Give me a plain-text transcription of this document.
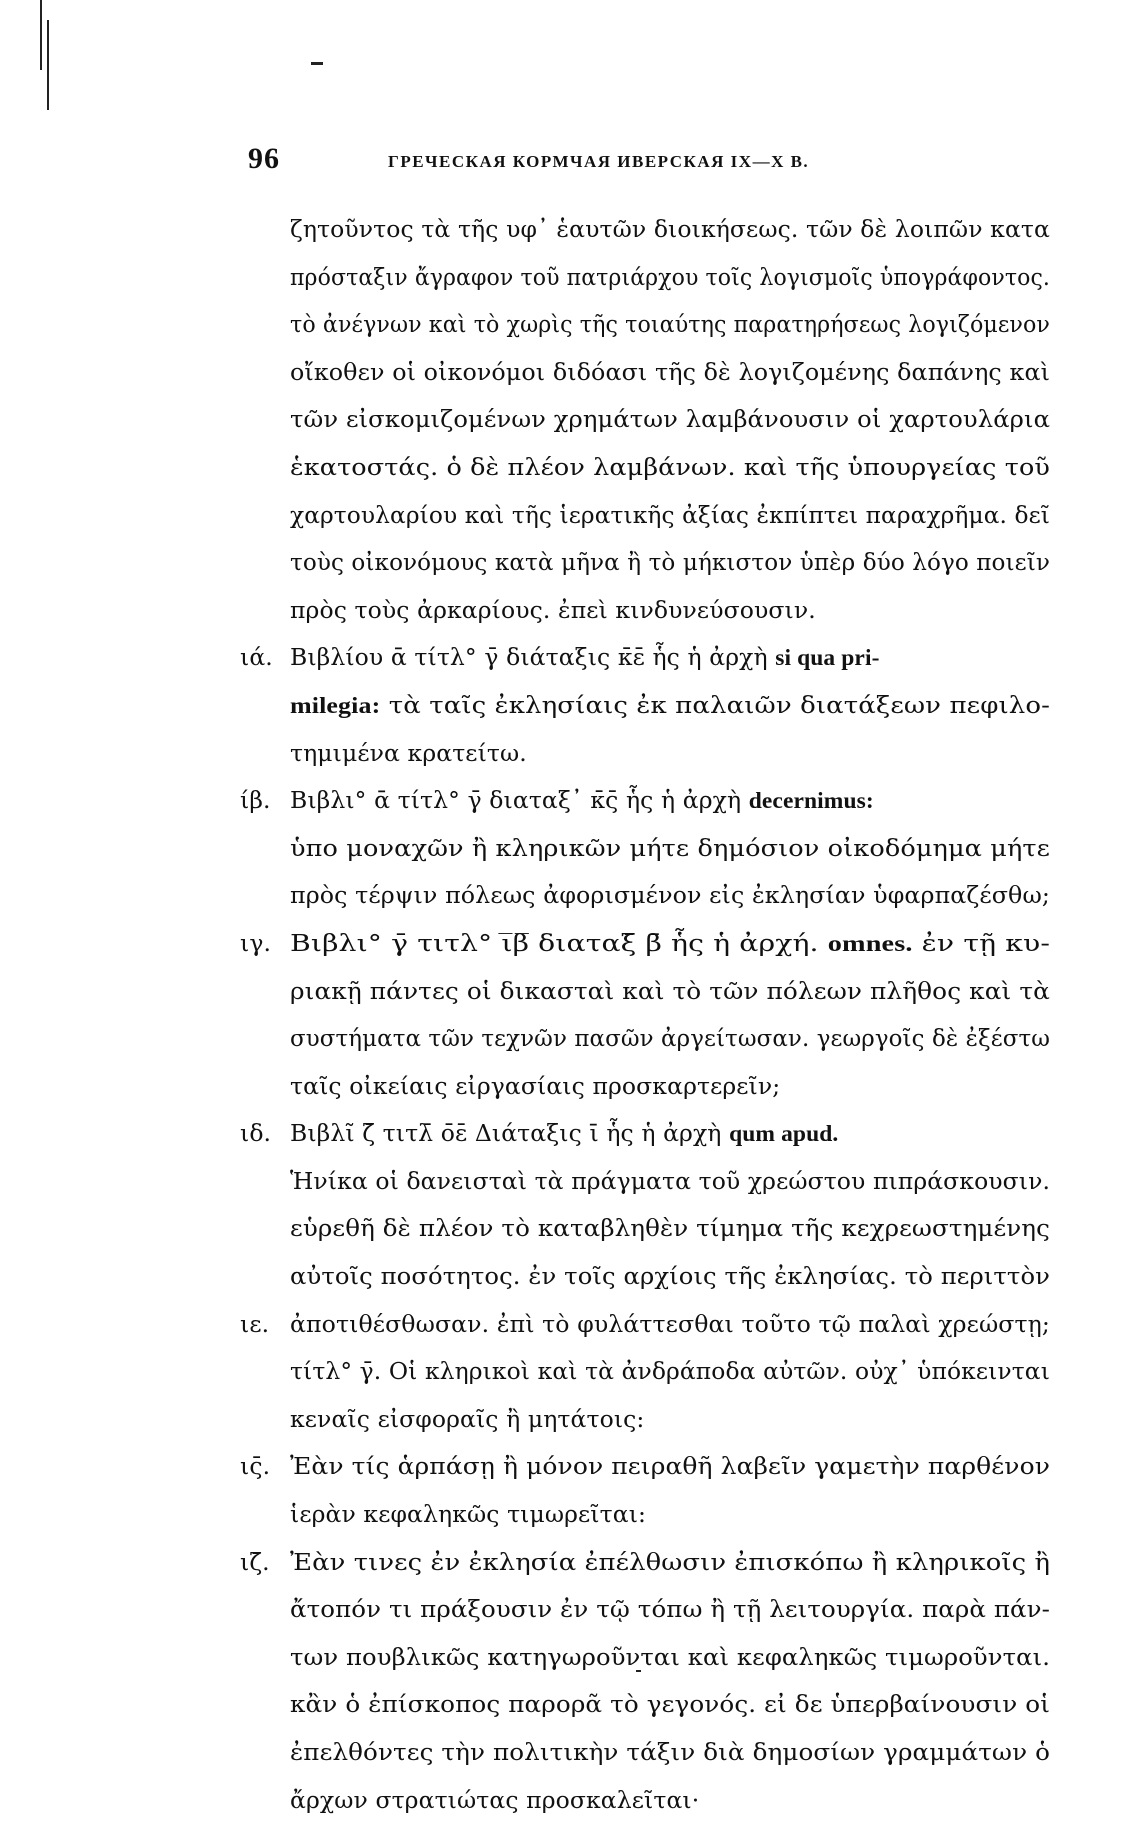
96	ГРЕЧЕСКАЯ КОРМЧАЯ ИВЕРСКАЯ IX—X B.
ζητοῦντος τὰ τῆς υφ᾽ ἑαυτῶν διοικήσεως. τῶν δὲ λοιπῶν κατα
πρόσταξιν ἄγραφον τοῦ πατριάρχου τοῖς λογισμοῖς ὑπογράφοντος.
τὸ ἀνέγνων καὶ τὸ χωρὶς τῆς τοιαύτης παρατηρήσεως λογιζόμενον
οἴκοθεν οἱ οἰκονόμοι διδόασι τῆς δὲ λογιζομένης δαπάνης καὶ
τῶν εἰσκομιζομένων χρημάτων λαμβάνουσιν οἱ χαρτουλάρια
ἑκατοστάς. ὁ δὲ πλέον λαμβάνων. καὶ τῆς ὑπουργείας τοῦ
χαρτουλαρίου καὶ τῆς ἱερατικῆς ἀξίας ἐκπίπτει παραχρῆμα. δεῖ
τοὺς οἰκονόμους κατὰ μῆνα ἢ τὸ μήκιστον ὑπὲρ δύο λόγο ποιεῖν
πρὸς τοὺς ἀρκαρίους. ἐπεὶ κινδυνεύσουσιν.
ιά. Βιβλίου ᾱ τίτλ° γ̄ διάταξις κ̄ε̄ ἧς ἡ ἀρχὴ si qua pri-
milegia: τὰ ταῖς ἐκλησίαις ἐκ παλαιῶν διατάξεων πεφιλο-
τημιμένα κρατείτω.
ίβ. Βιβλι° ᾱ τίτλ° γ̄ διαταξ᾽ κ̄ς̄ ἧς ἡ ἀρχὴ decernimus:
ὑπο μοναχῶν ἢ κληρικῶν μήτε δημόσιον οἰκοδόμημα μήτε
πρὸς τέρψιν πόλεως ἀφορισμένον εἰς ἐκλησίαν ὑφαρπαζέσθω;
ιγ. Βιβλι° γ̄ τιτλ° ι̅β̅ διαταξ̄ β̄ ἧς ἡ ἀρχή. omnes. ἐν τῇ κυ-
ριακῇ πάντες οἱ δικασταὶ καὶ τὸ τῶν πόλεων πλῆθος καὶ τὰ
συστήματα τῶν τεχνῶν πασῶν ἀργείτωσαν. γεωργοῖς δὲ ἐξέστω
ταῖς οἰκείαις εἰργασίαις προσκαρτερεῖν;
ιδ. Βιβλῖ ζ̄ τιτλ̄ ο̄ε̄ Διάταξις ῑ ἧς ἡ ἀρχὴ qum apud.
Ἡνίκα οἱ δανεισταὶ τὰ πράγματα τοῦ χρεώστου πιπράσκουσιν.
εὑρεθῆ δὲ πλέον τὸ καταβληθὲν τίμημα τῆς κεχρεωστημένης
αὐτοῖς ποσότητος. ἐν τοῖς αρχίοις τῆς ἐκλησίας. τὸ περιττὸν
ιε. ἀποτιθέσθωσαν. ἐπὶ τὸ φυλάττεσθαι τοῦτο τῷ παλαὶ χρεώστῃ;
τίτλ° γ̄. Οἱ κληρικοὶ καὶ τὰ ἀνδράποδα αὐτῶν. οὐχ᾽ ὑπόκεινται
κεναῖς εἰσφοραῖς ἢ μητάτοις:
ις̄. Ἐὰν τίς ἁρπάσῃ ἢ μόνον πειραθῆ λαβεῖν γαμετὴν παρθένον
ἱερὰν κεφαληκῶς τιμωρεῖται:
ιζ̄. Ἐὰν τινες ἐν ἐκλησία ἐπέλθωσιν ἐπισκόπω ἢ κληρικοῖς ἢ
ἄτοπόν τι πράξουσιν ἐν τῷ τόπω ἢ τῇ λειτουργία. παρὰ πάν-
των πουβλικῶς κατηγωροῦνται καὶ κεφαληκῶς τιμωροῦνται.
κἂν ὁ ἐπίσκοπος παρορᾶ τὸ γεγονός. εἰ δε ὑπερβαίνουσιν οἱ
ἐπελθόντες τὴν πολιτικὴν τάξιν διὰ δημοσίων γραμμάτων ὁ
ἄρχων στρατιώτας προσκαλεῖται·
